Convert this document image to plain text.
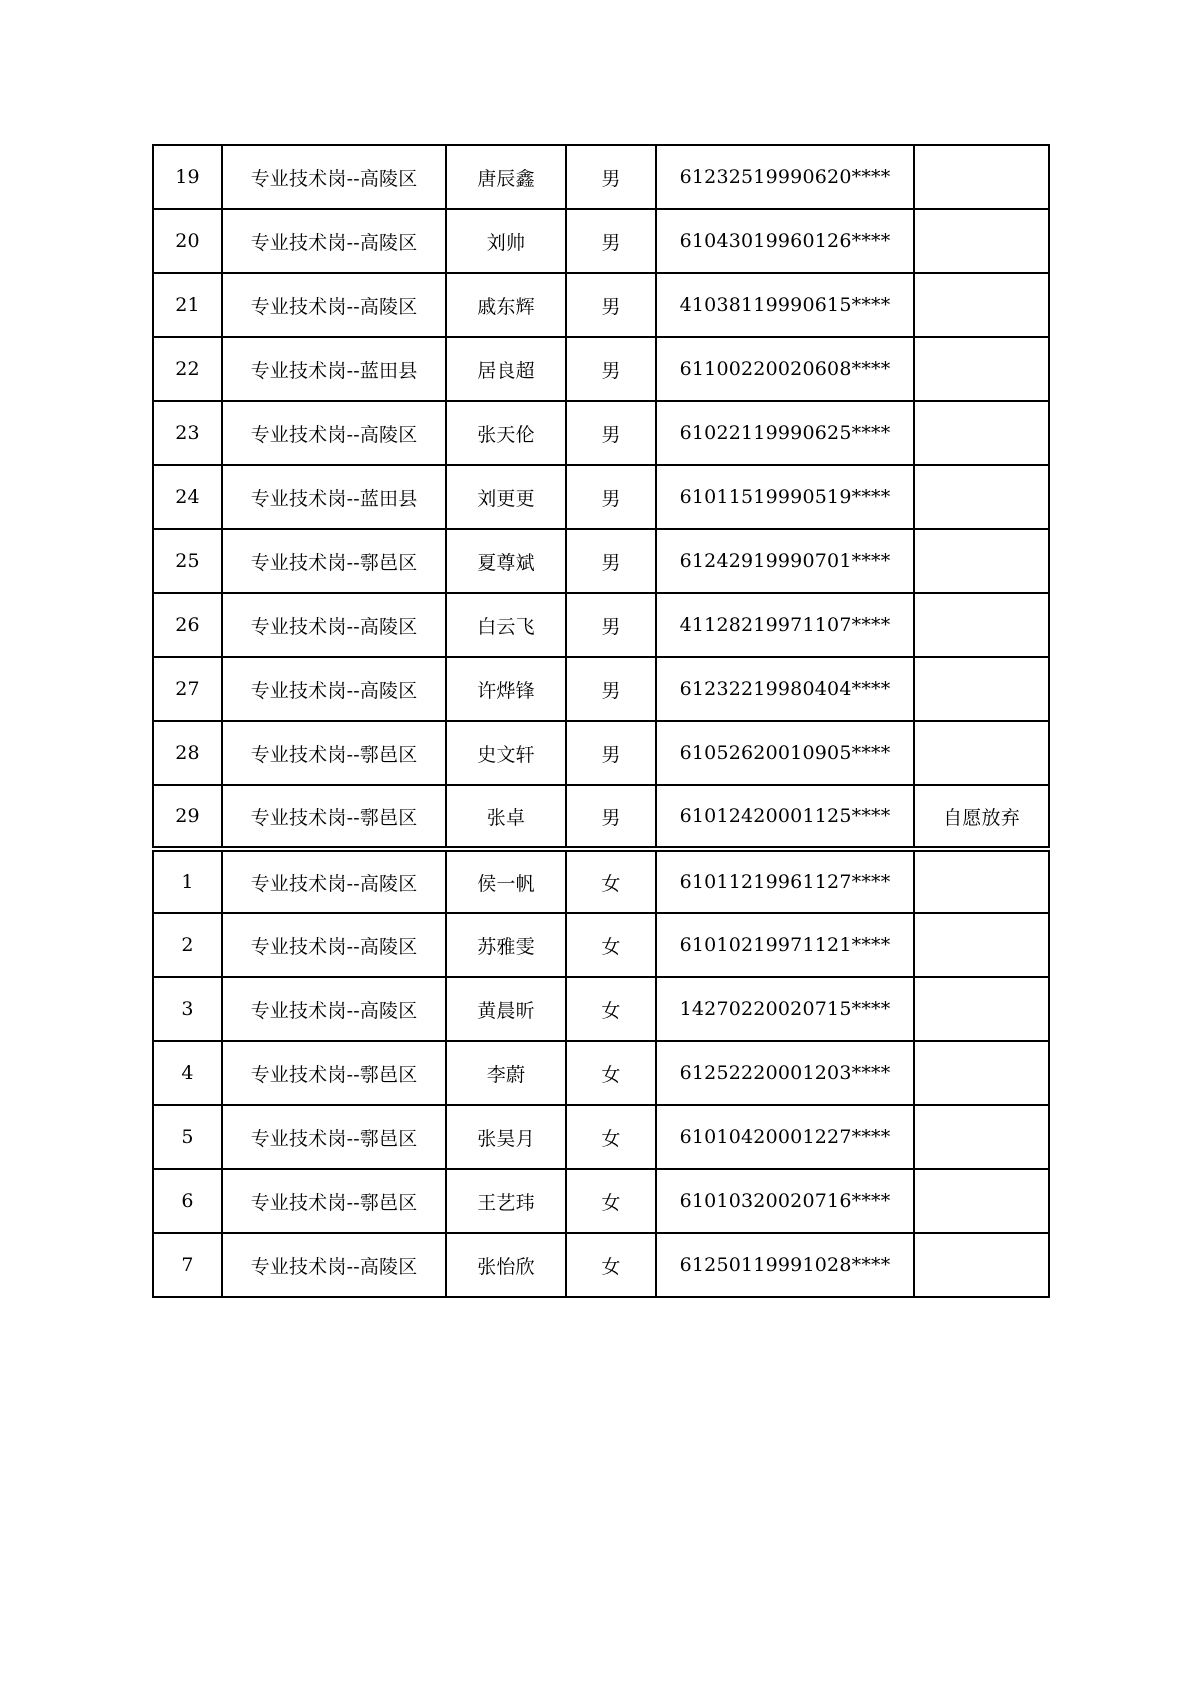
19	专业技术岗--高陵区	唐辰鑫	男	61232519990620****	
20	专业技术岗--高陵区	刘帅	男	61043019960126****	
21	专业技术岗--高陵区	戚东辉	男	41038119990615****	
22	专业技术岗--蓝田县	居良超	男	61100220020608****	
23	专业技术岗--高陵区	张天伦	男	61022119990625****	
24	专业技术岗--蓝田县	刘更更	男	61011519990519****	
25	专业技术岗--鄠邑区	夏尊斌	男	61242919990701****	
26	专业技术岗--高陵区	白云飞	男	41128219971107****	
27	专业技术岗--高陵区	许烨锋	男	61232219980404****	
28	专业技术岗--鄠邑区	史文轩	男	61052620010905****	
29	专业技术岗--鄠邑区	张卓	男	61012420001125****	自愿放弃
1	专业技术岗--高陵区	侯一帆	女	61011219961127****	
2	专业技术岗--高陵区	苏雅雯	女	61010219971121****	
3	专业技术岗--高陵区	黄晨昕	女	14270220020715****	
4	专业技术岗--鄠邑区	李蔚	女	61252220001203****	
5	专业技术岗--鄠邑区	张昊月	女	61010420001227****	
6	专业技术岗--鄠邑区	王艺玮	女	61010320020716****	
7	专业技术岗--高陵区	张怡欣	女	61250119991028****	
